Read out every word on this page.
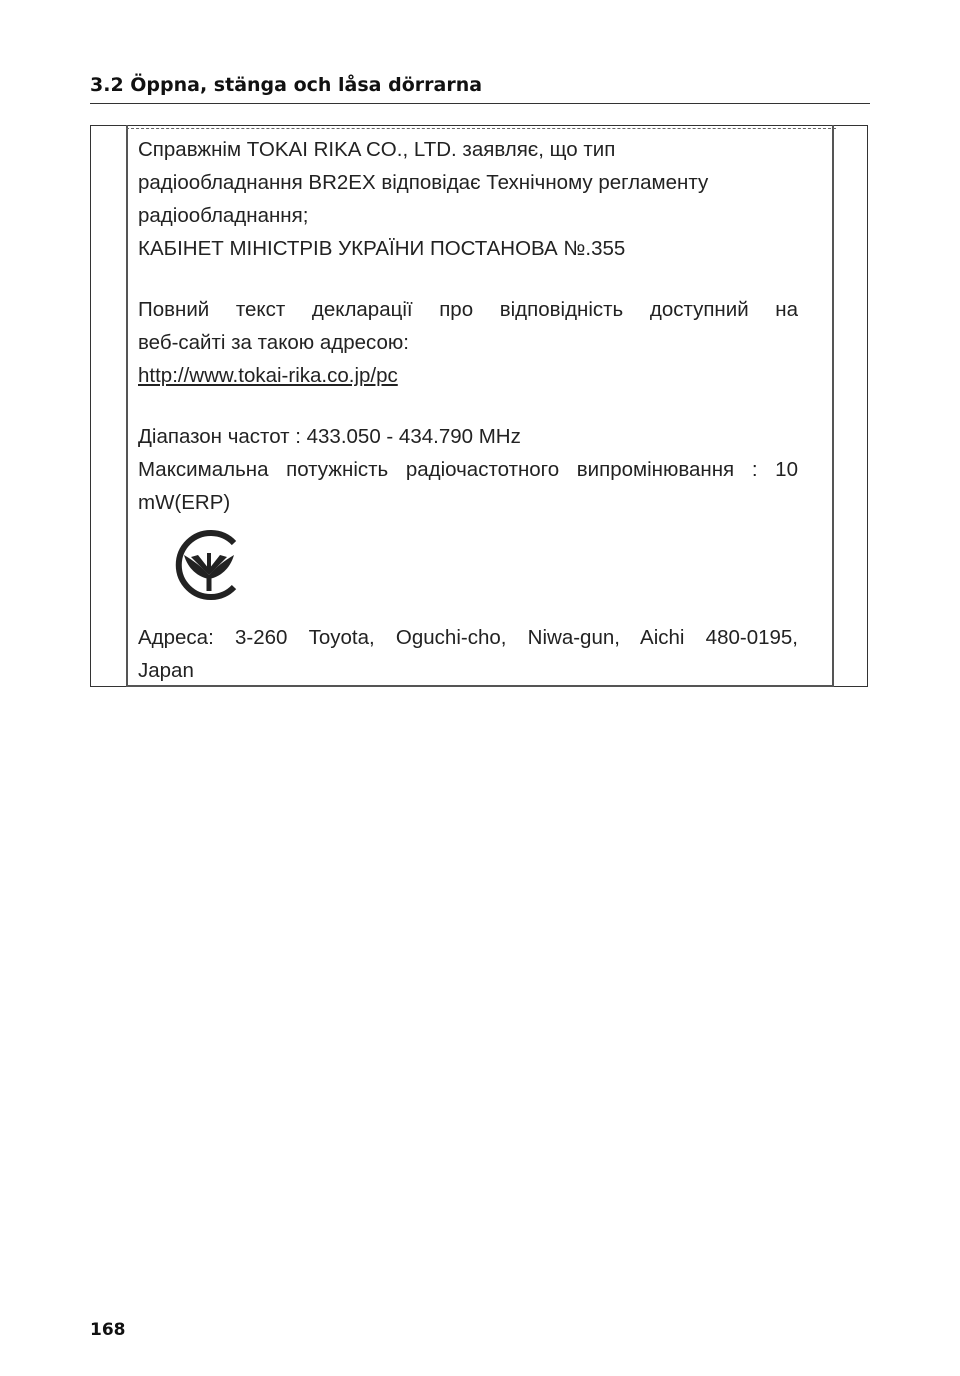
3.2 Öppna, stänga och låsa dörrarna

Справжнім TOKAI RIKA CO., LTD. заявляє, що тип

радіообладнання BR2EX відповідає Технічному регламенту

радіообладнання;

КАБІНЕТ МІНІСТРІВ УКРАЇНИ ПОСТАНОВА №.355

Повний текст декларації про відповідність доступний на

веб-сайті за такою адресою:

http://www.tokai-rika.co.jp/pc

Діапазон частот : 433.050 - 434.790 MHz

Максимальна потужність радіочастотного випромінювання : 10

mW(ERP)

Адреса: 3-260 Toyota, Oguchi-cho, Niwa-gun, Aichi 480-0195,

Japan

168
